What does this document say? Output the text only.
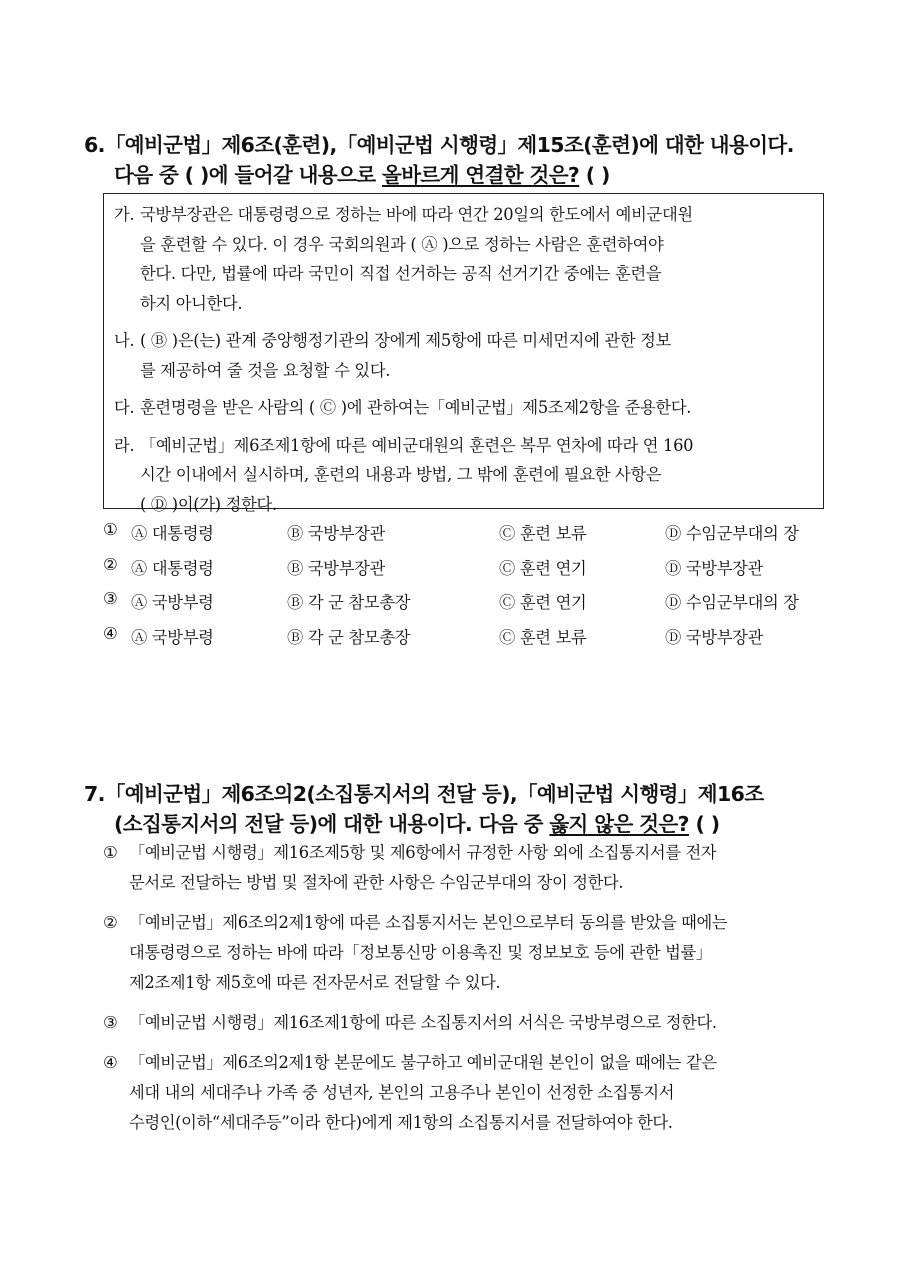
6.「예비군법」제6조(훈련),「예비군법 시행령」제15조(훈련)에 대한 내용이다.
다음 중 ( )에 들어갈 내용으로 올바르게 연결한 것은? ( )
가. 국방부장관은 대통령령으로 정하는 바에 따라 연간 20일의 한도에서 예비군대원

을 훈련할 수 있다. 이 경우 국회의원과 ( Ⓐ )으로 정하는 사람은 훈련하여야

한다. 다만, 법률에 따라 국민이 직접 선거하는 공직 선거기간 중에는 훈련을

하지 아니한다.

나. ( Ⓑ )은(는) 관계 중앙행정기관의 장에게 제5항에 따른 미세먼지에 관한 정보

를 제공하여 줄 것을 요청할 수 있다.

다. 훈련명령을 받은 사람의 ( Ⓒ )에 관하여는「예비군법」제5조제2항을 준용한다.

라. 「예비군법」제6조제1항에 따른 예비군대원의 훈련은 복무 연차에 따라 연 160

시간 이내에서 실시하며, 훈련의 내용과 방법, 그 밖에 훈련에 필요한 사항은

( Ⓓ )이(가) 정한다.

① Ⓐ 대통령령	Ⓑ 국방부장관	Ⓒ 훈련 보류	Ⓓ 수임군부대의 장
② Ⓐ 대통령령	Ⓑ 국방부장관	Ⓒ 훈련 연기	Ⓓ 국방부장관
③ Ⓐ 국방부령	Ⓑ 각 군 참모총장	Ⓒ 훈련 연기	Ⓓ 수임군부대의 장
④ Ⓐ 국방부령	Ⓑ 각 군 참모총장	Ⓒ 훈련 보류	Ⓓ 국방부장관
7.「예비군법」제6조의2(소집통지서의 전달 등),「예비군법 시행령」제16조
(소집통지서의 전달 등)에 대한 내용이다. 다음 중 옳지 않은 것은? ( )
① 「예비군법 시행령」제16조제5항 및 제6항에서 규정한 사항 외에 소집통지서를 전자

문서로 전달하는 방법 및 절차에 관한 사항은 수임군부대의 장이 정한다.

② 「예비군법」제6조의2제1항에 따른 소집통지서는 본인으로부터 동의를 받았을 때에는

대통령령으로 정하는 바에 따라「정보통신망 이용촉진 및 정보보호 등에 관한 법률」

제2조제1항 제5호에 따른 전자문서로 전달할 수 있다.

③ 「예비군법 시행령」제16조제1항에 따른 소집통지서의 서식은 국방부령으로 정한다.

④ 「예비군법」제6조의2제1항 본문에도 불구하고 예비군대원 본인이 없을 때에는 같은

세대 내의 세대주나 가족 중 성년자, 본인의 고용주나 본인이 선정한 소집통지서

수령인(이하“세대주등”이라 한다)에게 제1항의 소집통지서를 전달하여야 한다.
